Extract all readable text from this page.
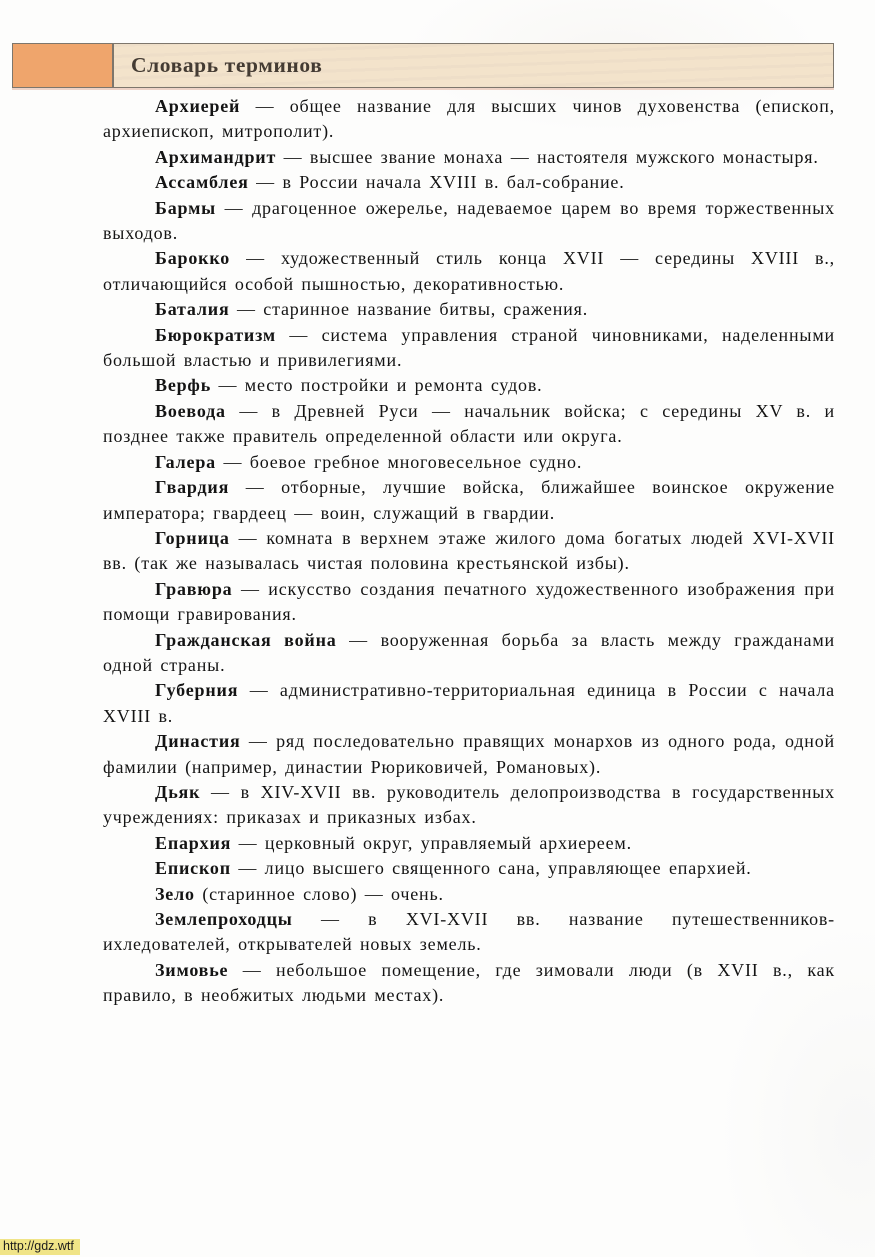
Словарь терминов

Архиерей — общее название для высших чинов духовенства (епископ, архиепископ, митрополит).

Архимандрит — высшее звание монаха — настоятеля мужского монастыря.

Ассамблея — в России начала XVIII в. бал-собрание.

Бармы — драгоценное ожерелье, надеваемое царем во время торжественных выходов.

Барокко — художественный стиль конца XVII — середины XVIII в., отличающийся особой пышностью, декоративностью.

Баталия — старинное название битвы, сражения.

Бюрократизм — система управления страной чиновниками, наделенными большой властью и привилегиями.

Верфь — место постройки и ремонта судов.

Воевода — в Древней Руси — начальник войска; с середины XV в. и позднее также правитель определенной области или округа.

Галера — боевое гребное многовесельное судно.

Гвардия — отборные, лучшие войска, ближайшее воинское окружение императора; гвардеец — воин, служащий в гвардии.

Горница — комната в верхнем этаже жилого дома богатых людей XVI-XVII вв. (так же называлась чистая половина крестьянской избы).

Гравюра — искусство создания печатного художественного изображения при помощи гравирования.

Гражданская война — вооруженная борьба за власть между гражданами одной страны.

Губерния — административно-территориальная единица в России с начала XVIII в.

Династия — ряд последовательно правящих монархов из одного рода, одной фамилии (например, династии Рюриковичей, Романовых).

Дьяк — в XIV-XVII вв. руководитель делопроизводства в государственных учреждениях: приказах и приказных избах.

Епархия — церковный округ, управляемый архиереем.

Епископ — лицо высшего священного сана, управляющее епархией.

Зело (старинное слово) — очень.

Землепроходцы — в XVI-XVII вв. название путешественников-ихледователей, открывателей новых земель.

Зимовье — небольшое помещение, где зимовали люди (в XVII в., как правило, в необжитых людьми местах).

http://gdz.wtf
